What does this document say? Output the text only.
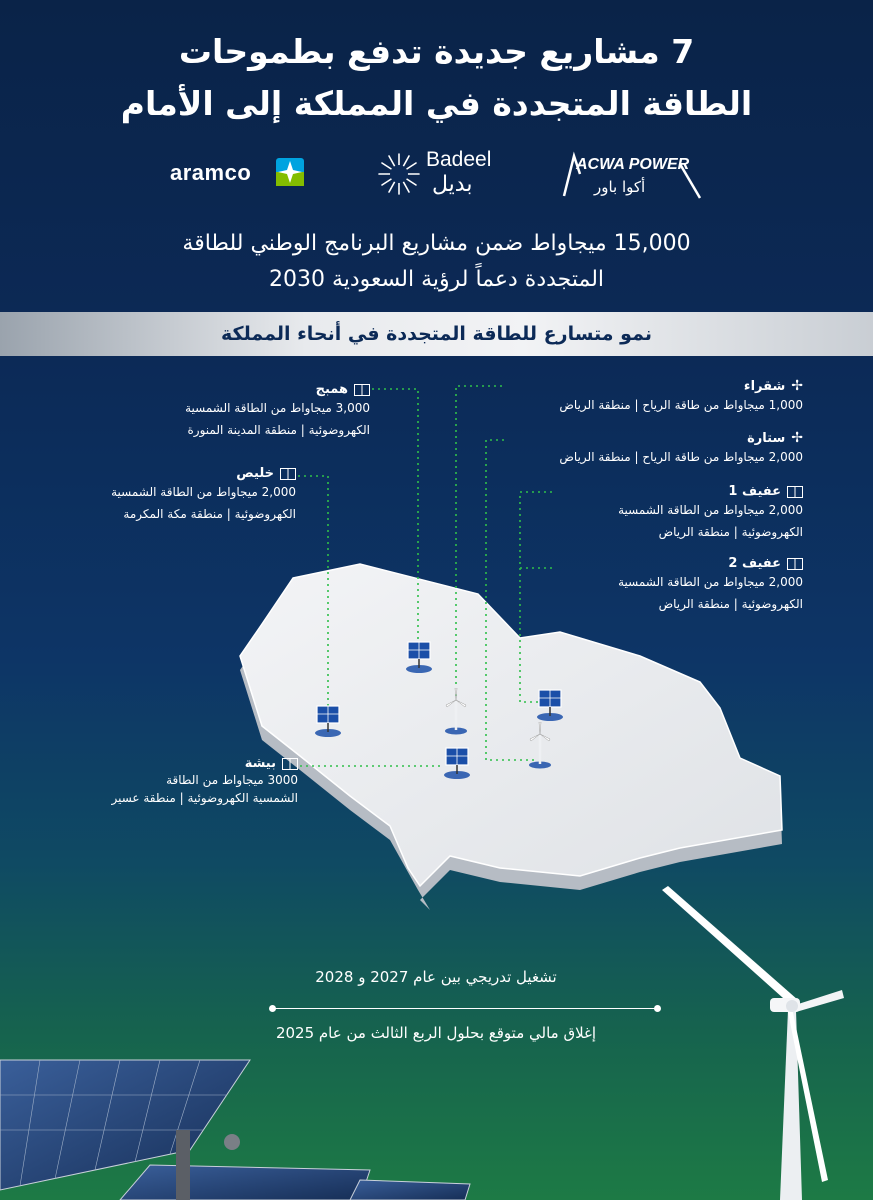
7 مشاريع جديدة تدفع بطموحات
الطاقة المتجددة في المملكة إلى الأمام
aramco
Badeel
بديل
ACWA POWER
أكوا باور
15,000 ميجاواط ضمن مشاريع البرنامج الوطني للطاقة
المتجددة دعماً لرؤية السعودية 2030
نمو متسارع للطاقة المتجددة في أنحاء المملكة
✢
شقراء
1,000 ميجاواط من طاقة الرياح | منطقة الرياض
✢
ستارة
2,000 ميجاواط من طاقة الرياح | منطقة الرياض
عفيف 1
2,000 ميجاواط من الطاقة الشمسية
الكهروضوئية | منطقة الرياض
عفيف 2
2,000 ميجاواط من الطاقة الشمسية
الكهروضوئية | منطقة الرياض
همبج
3,000 ميجاواط من الطاقة الشمسية
الكهروضوئية | منطقة المدينة المنورة
خليص
2,000 ميجاواط من الطاقة الشمسية
الكهروضوئية | منطقة مكة المكرمة
بيشة
3000 ميجاواط من الطاقة
الشمسية الكهروضوئية | منطقة عسير
تشغيل تدريجي بين عام 2027 و 2028
إغلاق مالي متوقع بحلول الربع الثالث من عام 2025
